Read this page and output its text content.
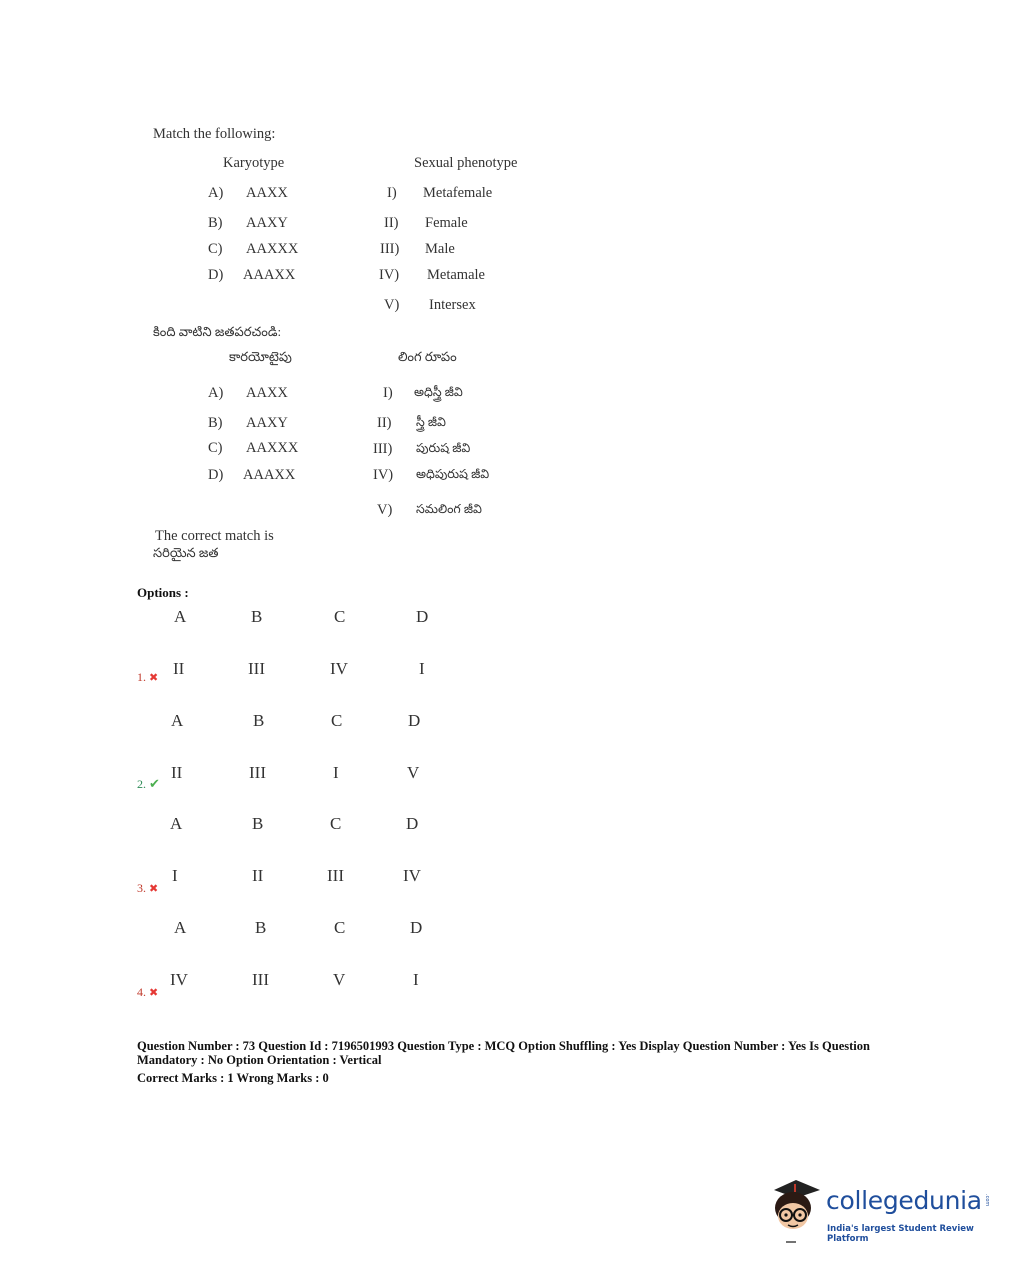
Match the following:
Karyotype	Sexual phenotype
A) AAXX
B) AAXY
C) AAXXX
D) AAAXX
I) Metafemale
II) Female
III) Male
IV) Metamale
V) Intersex
కింది వాటిని జతపరచండి:
కారయోటైపు	లింగ రూపం
A) AAXX
B) AAXY
C) AAXXX
D) AAAXX
I) అధిస్త్రీ జీవి
II) స్త్రీ జీవి
III) పురుష జీవి
IV) అధిపురుష జీవి
V) సమలింగ జీవి
The correct match is
సరియైన జత
Options :
A	B	C	D
1. ✖ II	III	IV	I
A	B	C	D
2. ✔
II	III	I	V
A	B	C	D
3. ✖
I	II	III	IV
A	B	C	D
4. ✖
IV	III	V	I
Question Number : 73 Question Id : 7196501993 Question Type : MCQ Option Shuffling : Yes Display Question Number : Yes Is Question
Mandatory : No Option Orientation : Vertical
Correct Marks : 1 Wrong Marks : 0
collegedunia .com
India's largest Student Review Platform
